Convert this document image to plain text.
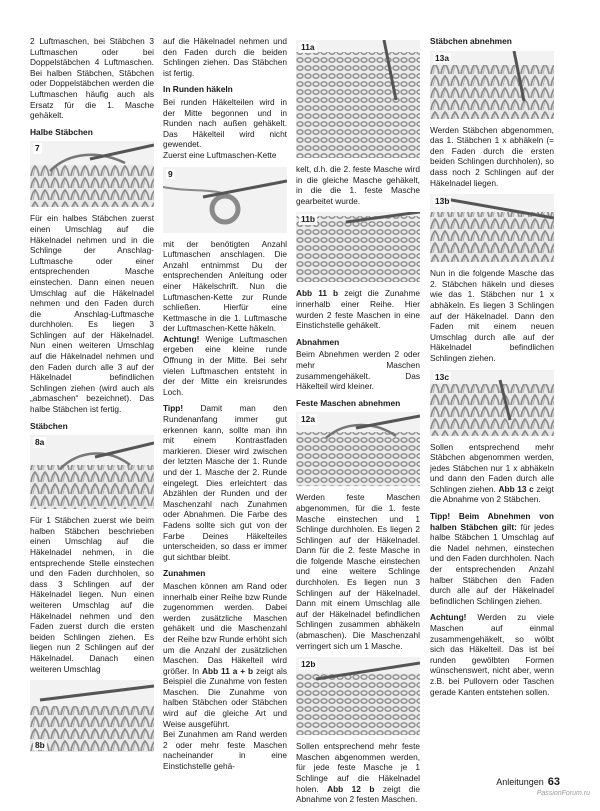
2 Luftmaschen, bei Stäbchen 3 Luftmaschen oder bei Doppelstäbchen 4 Luftmaschen. Bei halben Stäbchen, Stäbchen oder Doppelstäbchen werden die Luftmaschen häufig auch als Ersatz für die 1. Masche gehäkelt.

Halbe Stäbchen
7

Für ein halbes Stäbchen zuerst einen Umschlag auf die Häkelnadel nehmen und in die Schlinge der Anschlag-Luftmasche oder einer entsprechenden Masche einstechen. Dann einen neuen Umschlag auf die Häkelnadel nehmen und den Faden durch die Anschlag-Luftmasche durchholen. Es liegen 3 Schlingen auf der Häkelnadel. Nun einen weiteren Umschlag auf die Häkelnadel nehmen und den Faden durch alle 3 auf der Häkelnadel befindlichen Schlingen ziehen (wird auch als „abmaschen“ bezeichnet). Das halbe Stäbchen ist fertig.

Stäbchen
8a

Für 1 Stäbchen zuerst wie beim halben Stäbchen beschrieben einen Umschlag auf die Häkelnadel nehmen, in die entsprechende Stelle einstechen und den Faden durchholen, so dass 3 Schlingen auf der Häkelnadel liegen. Nun einen weiteren Umschlag auf die Häkelnadel nehmen und den Faden zuerst durch die ersten beiden Schlingen ziehen. Es liegen nun 2 Schlingen auf der Häkelnadel. Danach einen weiteren Umschlag

8b

auf die Häkelnadel nehmen und den Faden durch die beiden Schlingen ziehen. Das Stäbchen ist fertig.

In Runden häkeln

Bei runden Häkelteilen wird in der Mitte begonnen und in Runden nach außen gehäkelt. Das Häkelteil wird nicht gewendet.

Zuerst eine Luftmaschen-Kette

9

mit der benötigten Anzahl Luftmaschen anschlagen. Die Anzahl entnimmst Du der entsprechenden Anleitung oder einer Häkelschrift. Nun die Luftmaschen-Kette zur Runde schließen. Hierfür eine Kettmasche in die 1. Luftmasche der Luftmaschen-Kette häkeln.
Achtung! Wenige Luftmaschen ergeben eine kleine runde Öffnung in der Mitte. Bei sehr vielen Luftmaschen entsteht in der der Mitte ein kreisrundes Loch.

Tipp! Damit man den Rundenanfang immer gut erkennen kann, sollte man ihn mit einem Kontrastfaden markieren. Dieser wird zwischen der letzten Masche der 1. Runde und der 1. Masche der 2. Runde eingelegt. Dies erleichtert das Abzählen der Runden und der Maschenzahl nach Zunahmen oder Abnahmen. Die Farbe des Fadens sollte sich gut von der Farbe Deines Häkelteiles unterscheiden, so dass er immer gut sichtbar bleibt.

Zunahmen

Maschen können am Rand oder innerhalb einer Reihe bzw Runde zugenommen werden. Dabei werden zusätzliche Maschen gehäkelt und die Maschenzahl der Reihe bzw Runde erhöht sich um die Anzahl der zusätzlichen Maschen. Das Häkelteil wird größer. In Abb 11 a + b zeigt als Beispiel die Zunahme von festen Maschen. Die Zunahme von halben Stäbchen oder Stäbchen wird auf die gleiche Art und Weise ausgeführt.

Bei Zunahmen am Rand werden 2 oder mehr feste Maschen nacheinander in eine Einstichstelle gehä-

11a

kelt, d.h. die 2. feste Masche wird in die gleiche Masche gehäkelt, in die die 1. feste Masche gearbeitet wurde.

11b

Abb 11 b zeigt die Zunahme innerhalb einer Reihe. Hier wurden 2 feste Maschen in eine Einstichstelle gehäkelt.

Abnahmen

Beim Abnehmen werden 2 oder mehr Maschen zusammengehäkelt. Das Häkelteil wird kleiner.

Feste Maschen abnehmen
12a

Werden feste Maschen abgenommen, für die 1. feste Masche einstechen und 1 Schlinge durchholen. Es liegen 2 Schlingen auf der Häkelnadel. Dann für die 2. feste Masche in die folgende Masche einstechen und eine weitere Schlinge durchholen. Es liegen nun 3 Schlingen auf der Häkelnadel. Dann mit einem Umschlag alle auf der Häkelnadel befindlichen Schlingen zusammen abhäkeln (abmaschen). Die Maschenzahl verringert sich um 1 Masche.

12b

Sollen entsprechend mehr feste Maschen abgenommen werden, für jede feste Masche je 1 Schlinge auf die Häkelnadel holen. Abb 12 b zeigt die Abnahme von 2 festen Maschen.

Stäbchen abnehmen
13a

Werden Stäbchen abgenommen, das 1. Stäbchen 1 x abhäkeln (= den Faden durch die ersten beiden Schlingen durchholen), so dass noch 2 Schlingen auf der Häkelnadel liegen.

13b

Nun in die folgende Masche das 2. Stäbchen häkeln und dieses wie das 1. Stäbchen nur 1 x abhäkeln. Es liegen 3 Schlingen auf der Häkelnadel. Dann den Faden mit einem neuen Umschlag durch alle auf der Häkelnadel befindlichen Schlingen ziehen.

13c

Sollen entsprechend mehr Stäbchen abgenommen werden, jedes Stäbchen nur 1 x abhäkeln und dann den Faden durch alle Schlingen ziehen. Abb 13 c zeigt die Abnahme von 2 Stäbchen.

Tipp! Beim Abnehmen von halben Stäbchen gilt: für jedes halbe Stäbchen 1 Umschlag auf die Nadel nehmen, einstechen und den Faden durchholen. Nach der entsprechenden Anzahl halber Stäbchen den Faden durch alle auf der Häkelnadel befindlichen Schlingen ziehen.

Achtung! Werden zu viele Maschen auf einmal zusammengehäkelt, so wölbt sich das Häkelteil. Das ist bei runden gewölbten Formen wünschenswert, nicht aber, wenn z.B. bei Pullovern oder Taschen gerade Kanten entstehen sollen.

Anleitungen 63
PassionForum.ru
